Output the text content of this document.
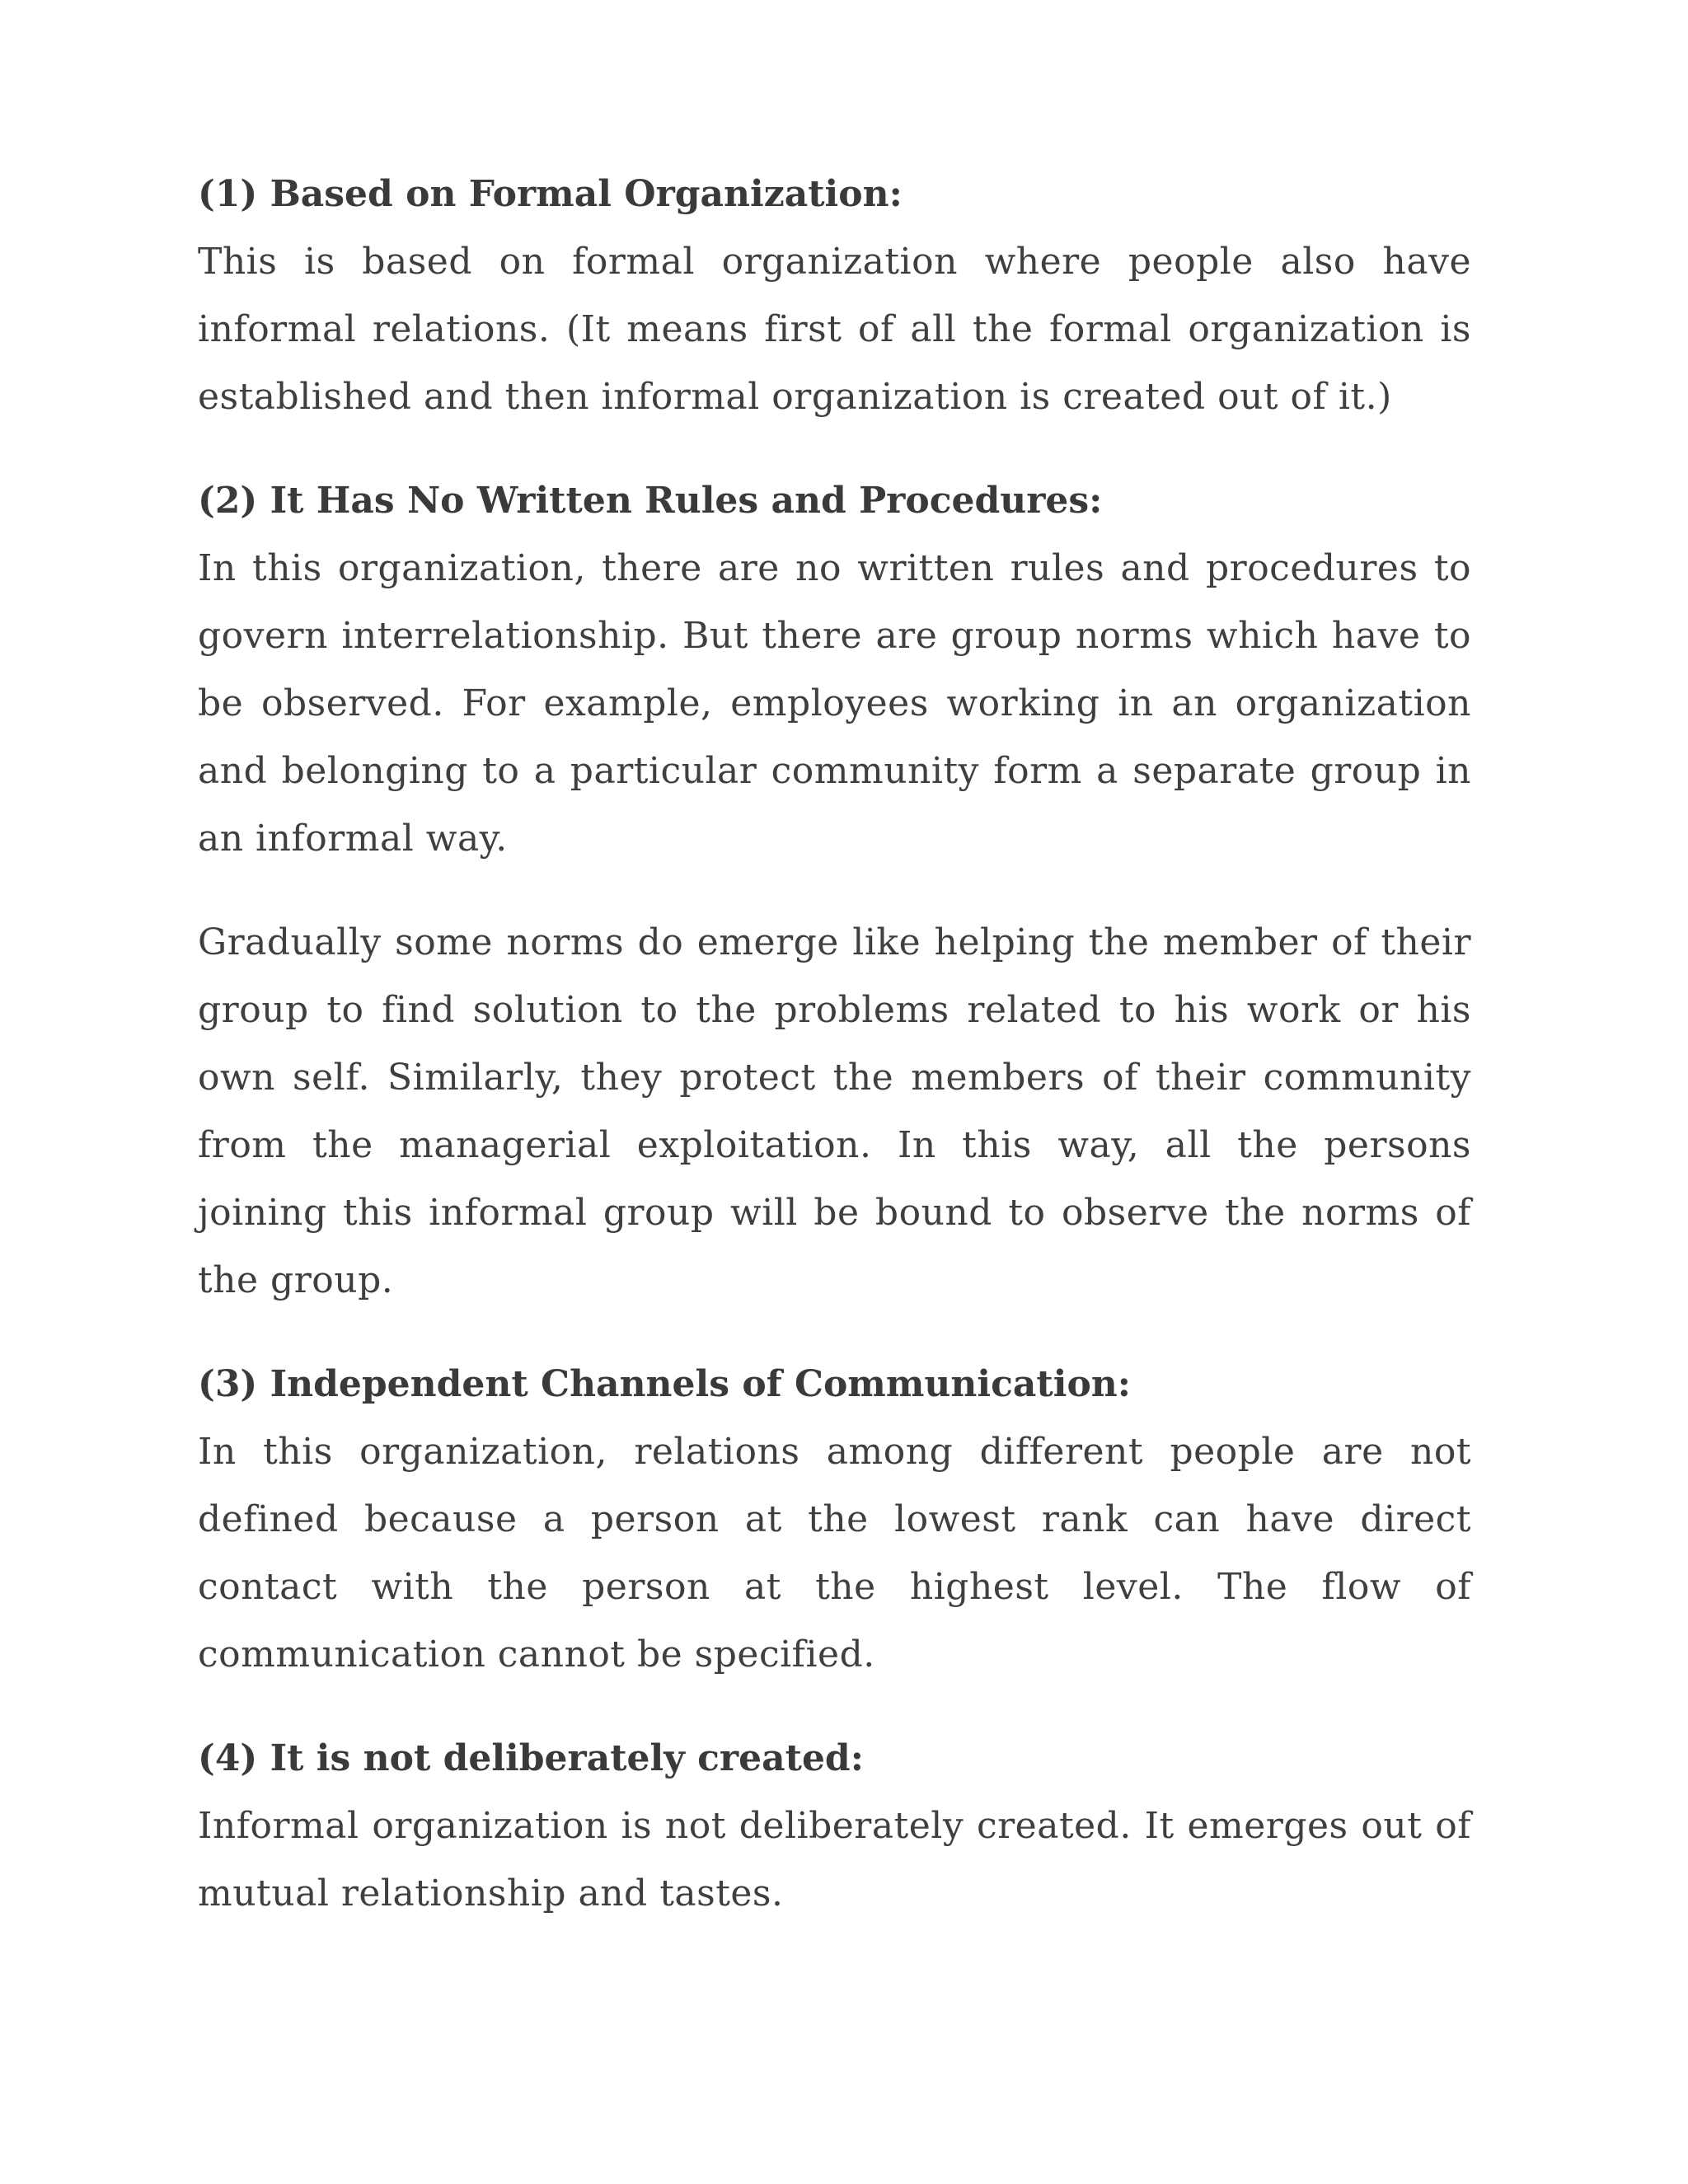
(1) Based on Formal Organization:

This is based on formal organization where people also have informal relations. (It means first of all the formal organization is established and then informal organization is created out of it.)

(2) It Has No Written Rules and Procedures:

In this organization, there are no written rules and procedures to govern interrelationship. But there are group norms which have to be observed. For example, employees working in an organization and belonging to a particular community form a separate group in an informal way.

Gradually some norms do emerge like helping the member of their group to find solution to the problems related to his work or his own self. Similarly, they protect the members of their community from the managerial exploitation. In this way, all the persons joining this informal group will be bound to observe the norms of the group.

(3) Independent Channels of Communication:

In this organization, relations among different people are not defined because a person at the lowest rank can have direct contact with the person at the highest level. The flow of communication cannot be specified.

(4) It is not deliberately created:

Informal organization is not deliberately created. It emerges out of mutual relationship and tastes.
